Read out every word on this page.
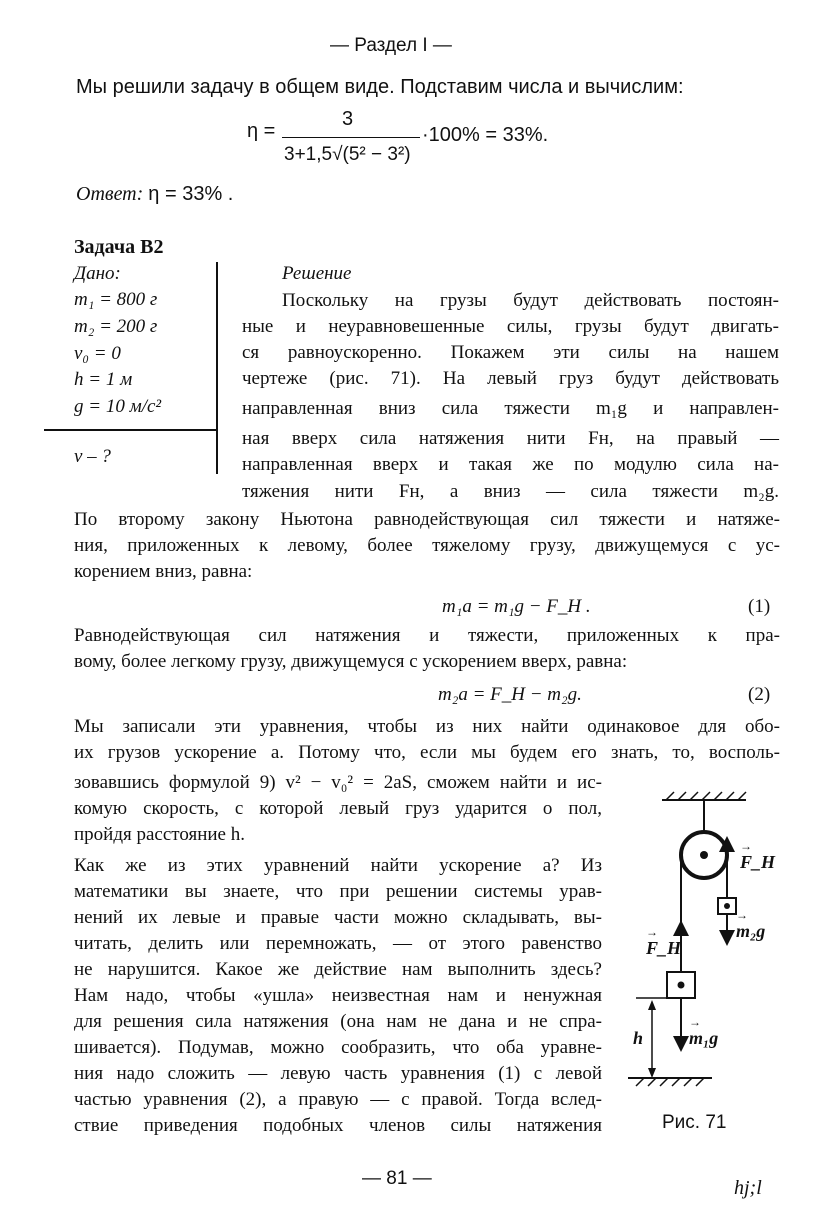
— Раздел I —
Мы решили задачу в общем виде. Подставим числа и вычислим:
η =
3
3+1,5√(5² − 3²)
·100% = 33%.
Ответ: η = 33% .
Задача В2
Дано:
m₁ = 800 г
m₂ = 200 г
v₀ = 0
h = 1 м
g = 10 м/с²
v – ?
Решение
Поскольку на грузы будут действовать постоян-
ные и неуравновешенные силы, грузы будут двигать-
ся равноускоренно. Покажем эти силы на нашем
чертеже (рис. 71). На левый груз будут действовать
направленная вниз сила тяжести m₁g и направлен-
ная вверх сила натяжения нити Fн, на правый —
направленная вверх и такая же по модулю сила на-
тяжения нити Fн, а вниз — сила тяжести m₂g.
По второму закону Ньютона равнодействующая сил тяжести и натяже-
ния, приложенных к левому, более тяжелому грузу, движущемуся с ус-
корением вниз, равна:
m₁a = m₁g − F_H .	(1)
Равнодействующая сил натяжения и тяжести, приложенных к пра-
вому, более легкому грузу, движущемуся с ускорением вверх, равна:
m₂a = F_H − m₂g.	(2)
Мы записали эти уравнения, чтобы из них найти одинаковое для обо-
их грузов ускорение a. Потому что, если мы будем его знать, то, восполь-
зовавшись формулой 9) v² − v₀² = 2aS, сможем найти и ис-
комую скорость, с которой левый груз ударится о пол,
пройдя расстояние h.
Как же из этих уравнений найти ускорение a? Из
математики вы знаете, что при решении системы урав-
нений их левые и правые части можно складывать, вы-
читать, делить или перемножать, — от этого равенство
не нарушится. Какое же действие нам выполнить здесь?
Нам надо, чтобы «ушла» неизвестная нам и ненужная
для решения сила натяжения (она нам не дана и не спра-
шивается). Подумав, можно сообразить, что оба уравне-
ния надо сложить — левую часть уравнения (1) с левой
частью уравнения (2), а правую — с правой. Тогда вслед-
ствие приведения подобных членов силы натяжения
→ F_H
→ m₂g
→ F_H
h
→	m₁g
Рис. 71
— 81 —	hj;l
